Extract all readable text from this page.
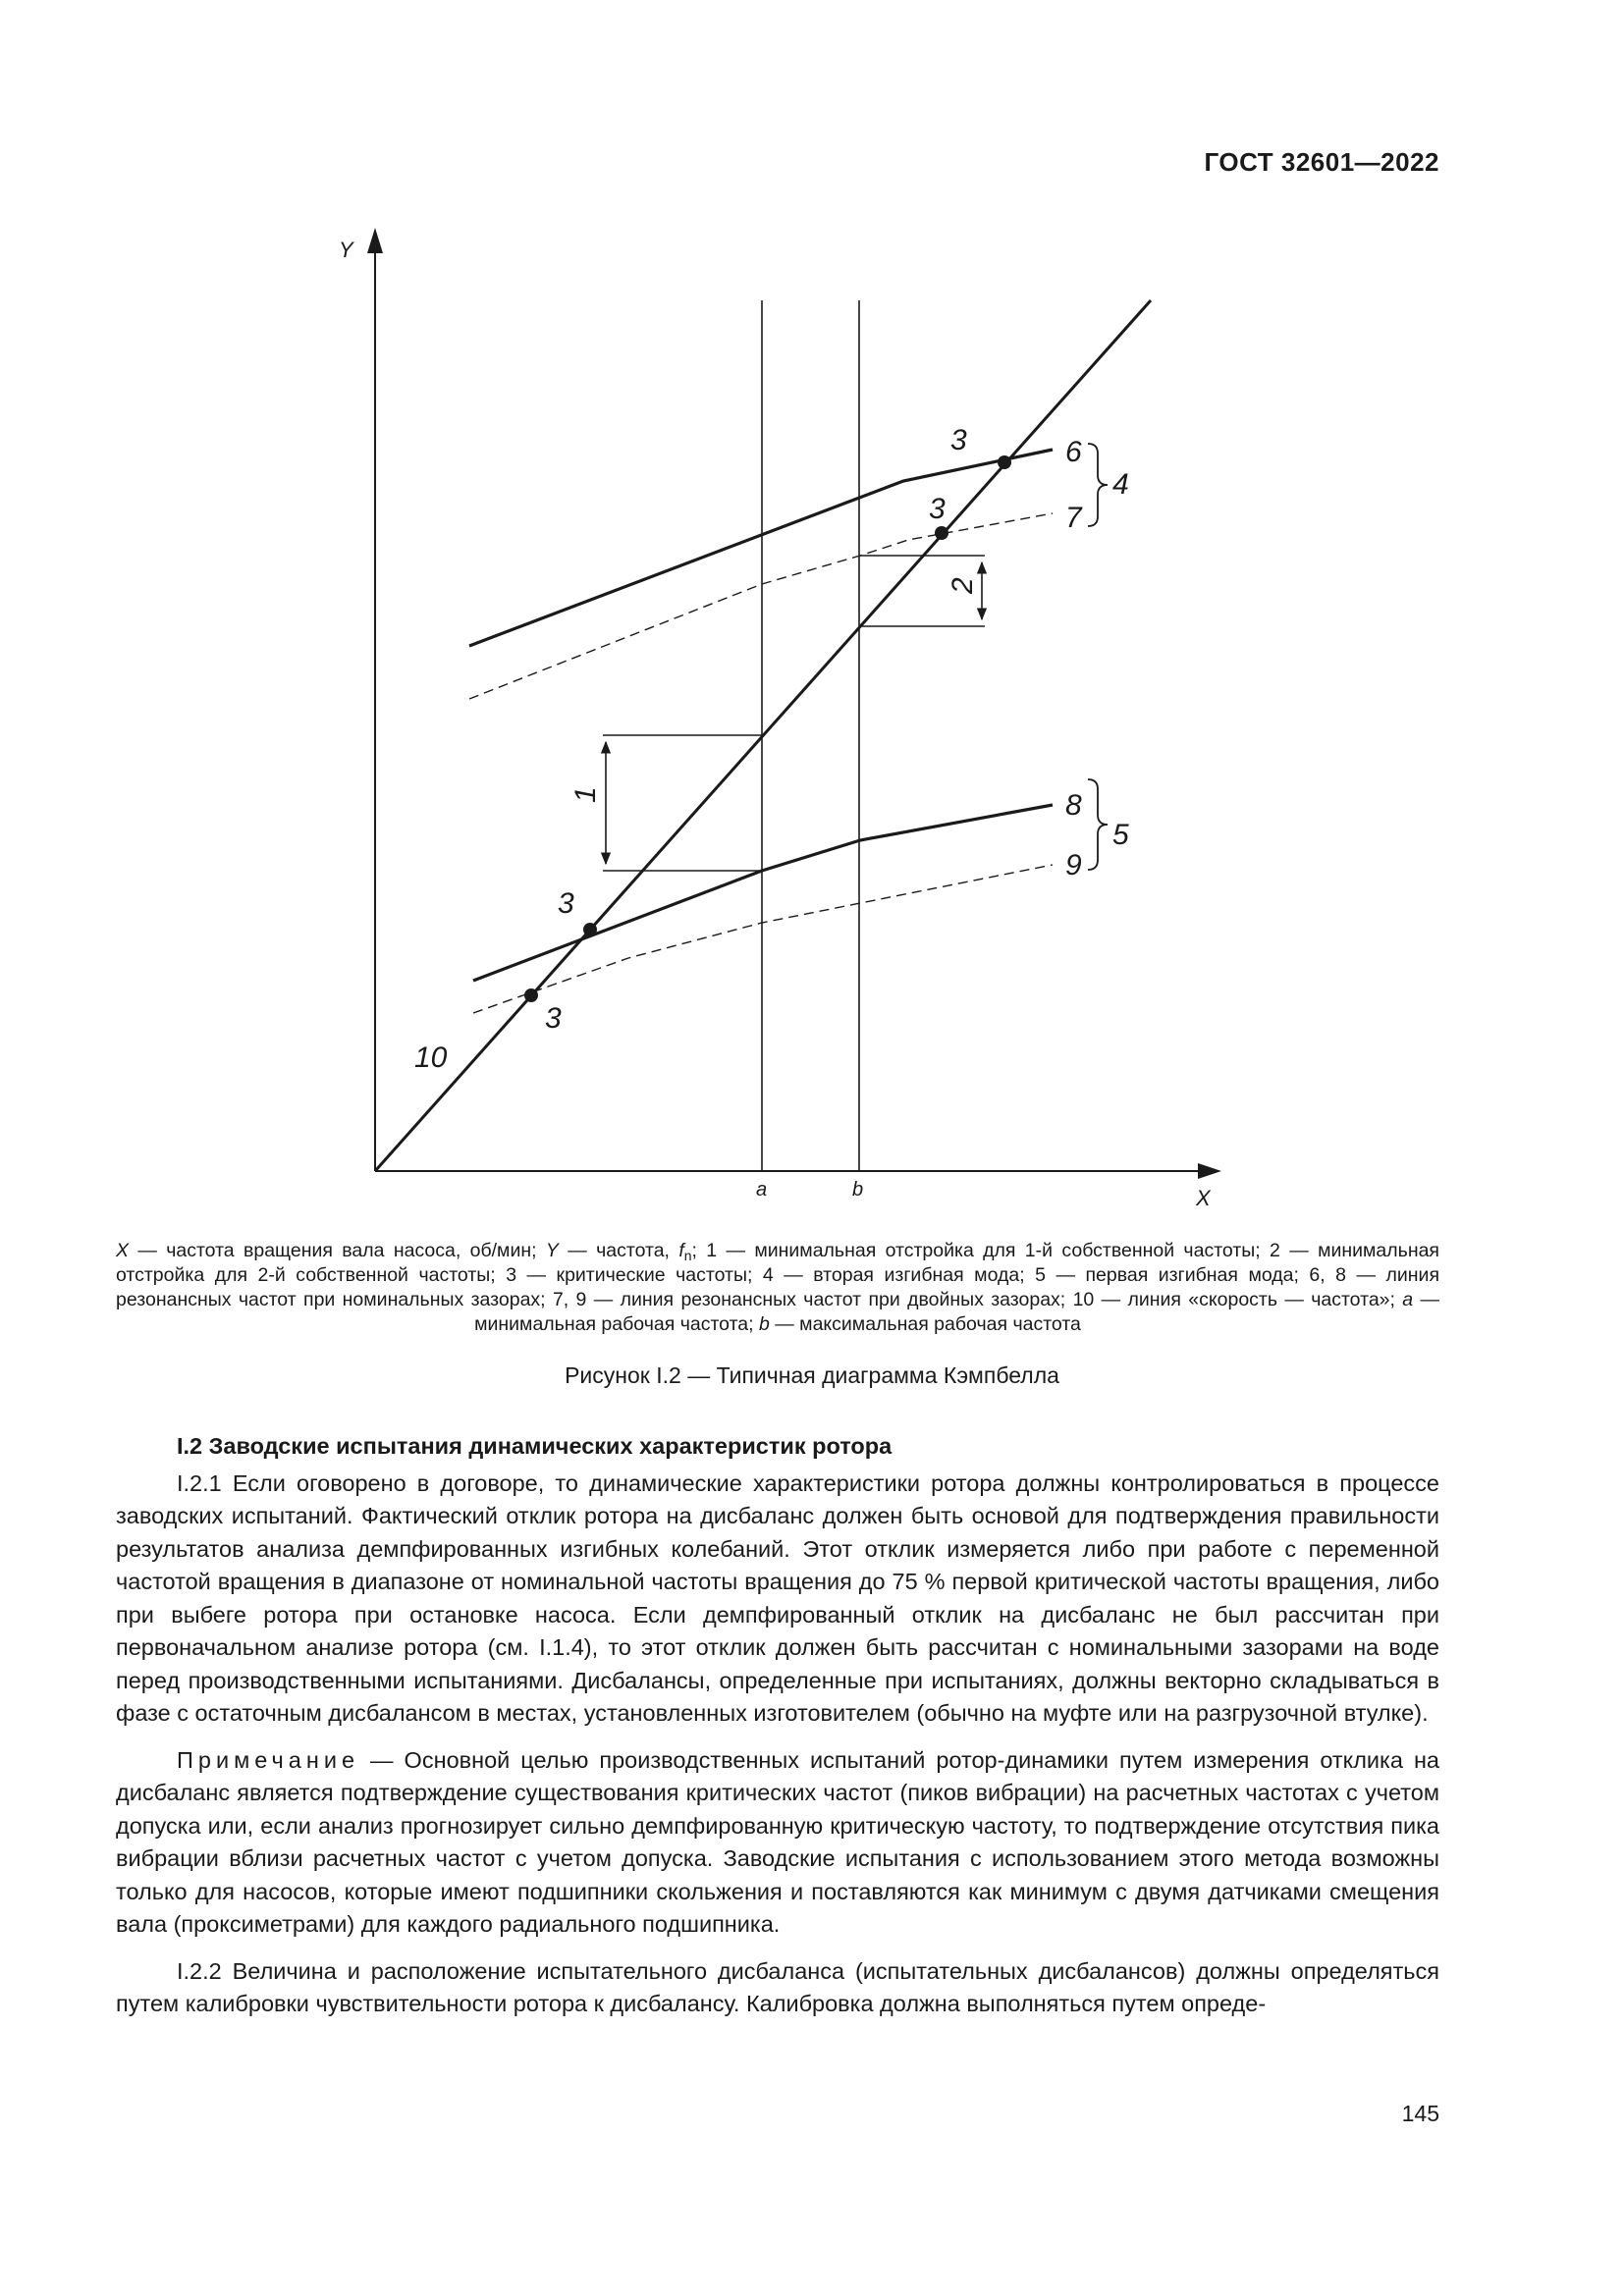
ГОСТ 32601—2022
Y
X
a	b
3
3
3
3
6
7
4
8
9
5
10
1
2
X — частота вращения вала насоса, об/мин; Y — частота, $f_n$; 1 — минимальная отстройка для 1-й собственной частоты; 2 — минимальная отстройка для 2-й собственной частоты; 3 — критические частоты; 4 — вторая изгибная мода; 5 — первая изгибная мода; 6, 8 — линия резонансных частот при номинальных зазорах; 7, 9 — линия резонансных частот при двойных зазорах; 10 — линия «скорость — частота»; a — минимальная рабочая частота; b — максимальная рабочая частота
Рисунок I.2 — Типичная диаграмма Кэмпбелла
I.2 Заводские испытания динамических характеристик ротора

I.2.1 Если оговорено в договоре, то динамические характеристики ротора должны контролироваться в процессе заводских испытаний. Фактический отклик ротора на дисбаланс должен быть основой для подтверждения правильности результатов анализа демпфированных изгибных колебаний. Этот отклик измеряется либо при работе с переменной частотой вращения в диапазоне от номинальной частоты вращения до 75 % первой критической частоты вращения, либо при выбеге ротора при остановке насоса. Если демпфированный отклик на дисбаланс не был рассчитан при первоначальном анализе ротора (см. I.1.4), то этот отклик должен быть рассчитан с номинальными зазорами на воде перед производственными испытаниями. Дисбалансы, определенные при испытаниях, должны векторно складываться в фазе с остаточным дисбалансом в местах, установленных изготовителем (обычно на муфте или на разгрузочной втулке).

Примечание — Основной целью производственных испытаний ротор-динамики путем измерения отклика на дисбаланс является подтверждение существования критических частот (пиков вибрации) на расчетных частотах с учетом допуска или, если анализ прогнозирует сильно демпфированную критическую частоту, то подтверждение отсутствия пика вибрации вблизи расчетных частот с учетом допуска. Заводские испытания с использованием этого метода возможны только для насосов, которые имеют подшипники скольжения и поставляются как минимум с двумя датчиками смещения вала (проксиметрами) для каждого радиального подшипника.

I.2.2 Величина и расположение испытательного дисбаланса (испытательных дисбалансов) должны определяться путем калибровки чувствительности ротора к дисбалансу. Калибровка должна выполняться путем опреде-

145
